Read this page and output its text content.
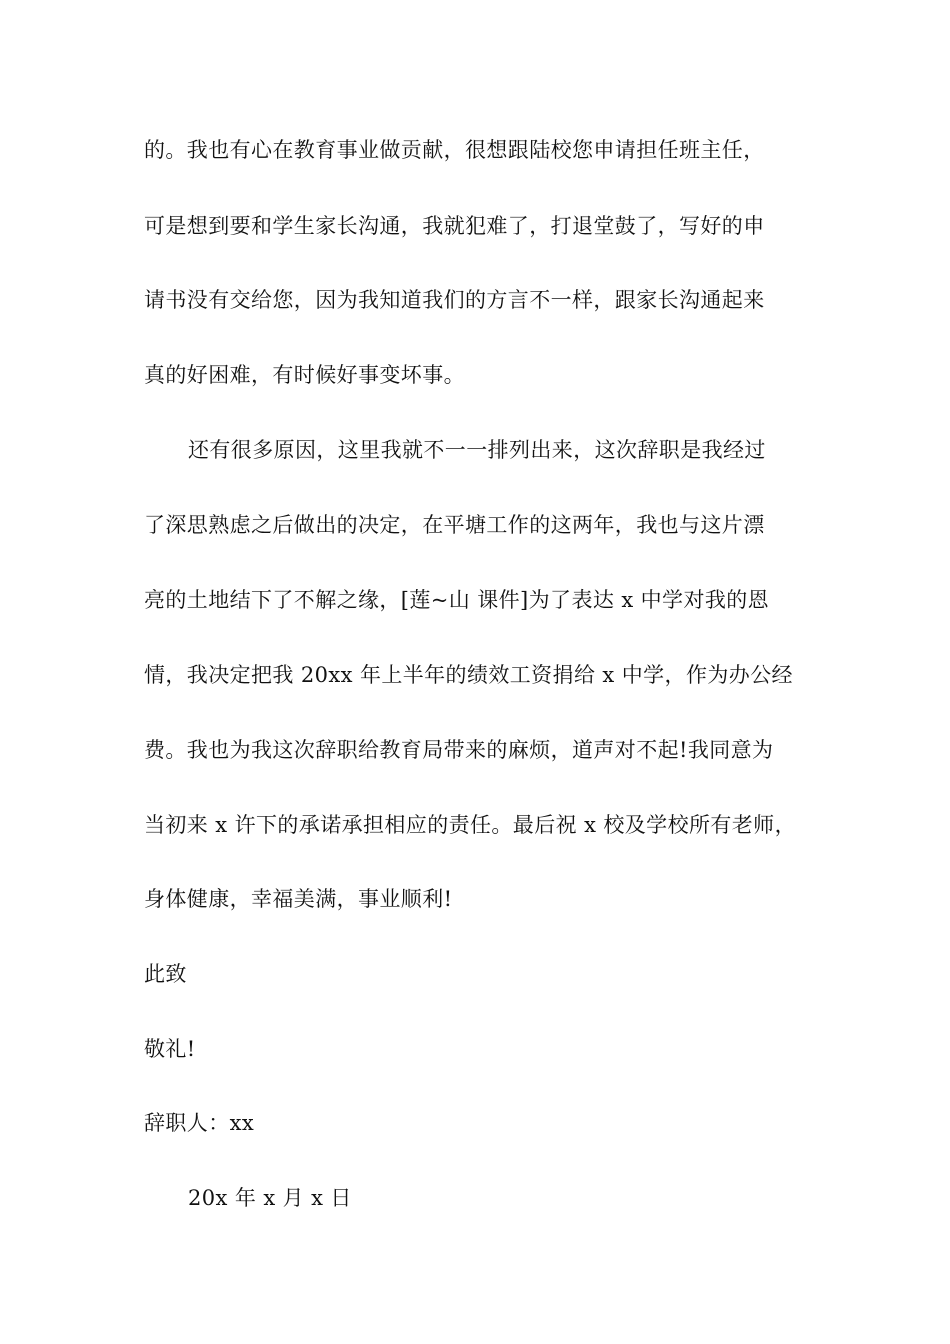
的。我也有心在教育事业做贡献，很想跟陆校您申请担任班主任，
可是想到要和学生家长沟通，我就犯难了，打退堂鼓了，写好的申
请书没有交给您，因为我知道我们的方言不一样，跟家长沟通起来
真的好困难，有时候好事变坏事。
还有很多原因，这里我就不一一排列出来，这次辞职是我经过
了深思熟虑之后做出的决定，在平塘工作的这两年，我也与这片漂
亮的土地结下了不解之缘，[莲~山 课件]为了表达 x 中学对我的恩
情，我决定把我 20xx 年上半年的绩效工资捐给 x 中学，作为办公经
费。我也为我这次辞职给教育局带来的麻烦，道声对不起!我同意为
当初来 x 许下的承诺承担相应的责任。最后祝 x 校及学校所有老师，
身体健康，幸福美满，事业顺利!
此致
敬礼!
辞职人：xx
20x 年 x 月 x 日
